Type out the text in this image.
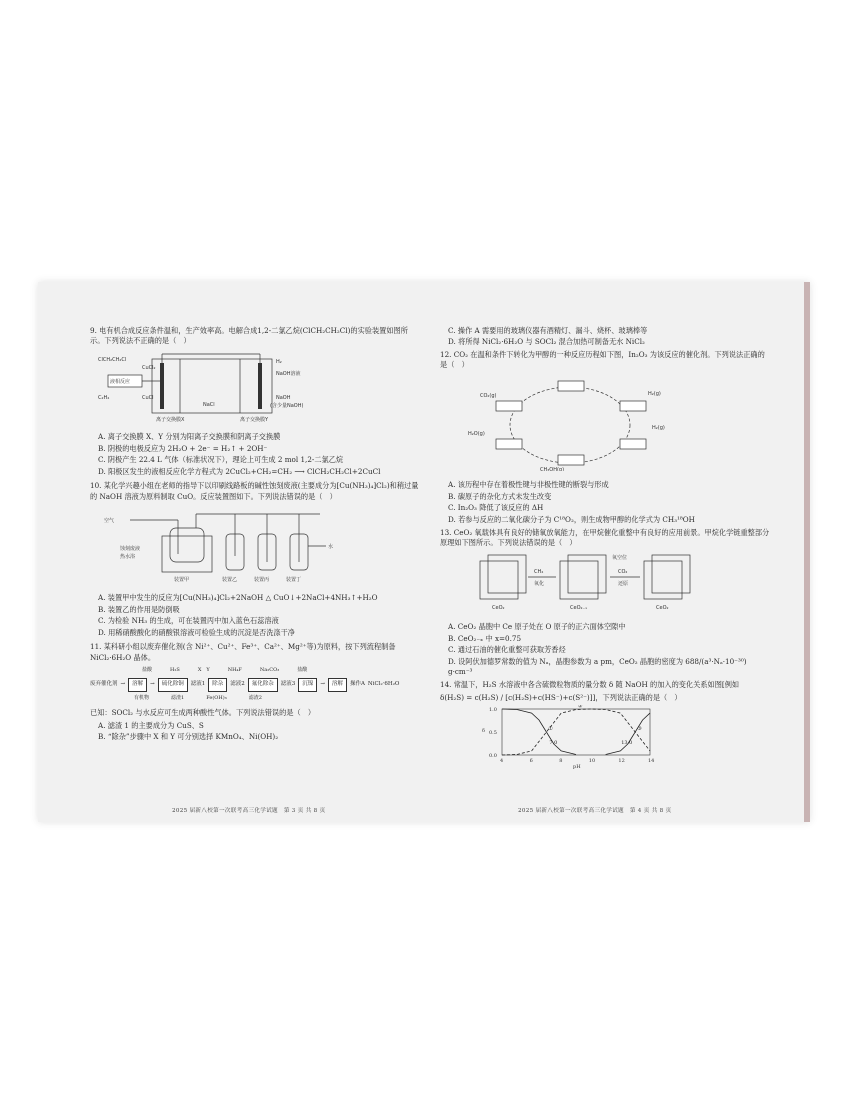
9. 电有机合成反应条件温和，生产效率高。电解合成1,2-二氯乙烷(ClCH₂CH₂Cl)的实验装置如图所示。下列说法不正确的是（　）

ClCH₂CH₂Cl
CuCl₂
液相反应
C₂H₄	CuCl
NaCl
H₂
NaOH溶液
NaOH
(含少量NaOH)
离子交换膜X	离子交换膜Y

A. 离子交换膜 X、Y 分别为阳离子交换膜和阴离子交换膜

B. 阴极的电极反应为 2H₂O + 2e⁻ = H₂↑ + 2OH⁻

C. 阴极产生 22.4 L 气体（标准状况下），理论上可生成 2 mol 1,2-二氯乙烷

D. 阳极区发生的液相反应化学方程式为 2CuCl₂+CH₂=CH₂ ⟶ ClCH₂CH₂Cl+2CuCl

10. 某化学兴趣小组在老师的指导下以印刷线路板的碱性蚀刻废液(主要成分为[Cu(NH₃)₄]Cl₂)和稍过量的 NaOH 溶液为原料制取 CuO。反应装置图如下。下列说法错误的是（　）

空气
蚀刻废液
热水浴
装置甲	装置乙	装置丙	装置丁
水

A. 装置甲中发生的反应为[Cu(NH₃)₄]Cl₂+2NaOH △ CuO↓+2NaCl+4NH₃↑+H₂O

B. 装置乙的作用是防倒吸

C. 为检验 NH₃ 的生成，可在装置丙中加入蓝色石蕊溶液

D. 用稀硝酸酸化的硝酸银溶液可检验生成的沉淀是否洗涤干净

11. 某科研小组以废弃催化剂(含 Ni²⁺、Cu²⁺、Fe³⁺、Ca²⁺、Mg²⁺等)为原料，按下列流程制备 NiCl₂·6H₂O 晶体。

盐酸	H₂S	X　Y	NH₄F	Na₂CO₃	盐酸
废弃催化剂 →	溶解	→	硫化除铜	滤液1	除杂	滤液2	氟化除杂	滤液3	沉镍	→	溶解	操作A NiCl₂·6H₂O
有机物	滤渣1	Fe(OH)₃	滤渣2

已知：SOCl₂ 与水反应可生成两种酸性气体。下列说法错误的是（　）

A. 滤渣 1 的主要成分为 CuS、S

B. “除杂”步骤中 X 和 Y 可分别选择 KMnO₄、Ni(OH)₂

2025 届新八校第一次联考高三化学试题　第 3 页 共 8 页

C. 操作 A 需要用的玻璃仪器有酒精灯、漏斗、烧杯、玻璃棒等

D. 将所得 NiCl₂·6H₂O 与 SOCl₂ 混合加热可制备无水 NiCl₂

12. CO₂ 在温和条件下转化为甲醇的一种反应历程如下图，In₂O₃ 为该反应的催化剂。下列说法正确的是（　）

CO₂(g)	H₂(g)
H₂O(g)
H₂(g)
CH₃OH(g)

A. 该历程中存在着极性键与非极性键的断裂与形成

B. 碳原子的杂化方式未发生改变

C. In₂O₃ 降低了该反应的 ΔH

D. 若参与反应的二氧化碳分子为 C¹⁸O₂，则生成物甲醇的化学式为 CH₃¹⁸OH

13. CeO₂ 氧载体具有良好的储氧放氧能力，在甲烷催化重整中有良好的应用前景。甲烷化学链重整部分原理如下图所示。下列说法错误的是（　）

CeO₂	CeO₂₋ₓ	CeO₂
CH₄
氧化
CO₂
还原
氧空位

A. CeO₂ 晶胞中 Ce 原子处在 O 原子的正六面体空隙中

B. CeO₂₋ₓ 中 x=0.75

C. 通过石油的催化重整可获取芳香烃

D. 设阿伏加德罗常数的值为 Nₐ，晶胞参数为 a pm，CeO₂ 晶胞的密度为 688/(a³·Nₐ·10⁻³⁰) g·cm⁻³

14. 常温下，H₂S 水溶液中各含硫微粒物质的量分数 δ 随 NaOH 的加入的变化关系如图[例如

δ(H₂S) = c(H₂S) / [c(H₂S)+c(HS⁻)+c(S²⁻)]]，下列说法正确的是（　）

4	6	8	10	12	14
0.0
0.5
1.0
pH
δ	①
②
③
7.0	13.0
2025 届新八校第一次联考高三化学试题　第 4 页 共 8 页
